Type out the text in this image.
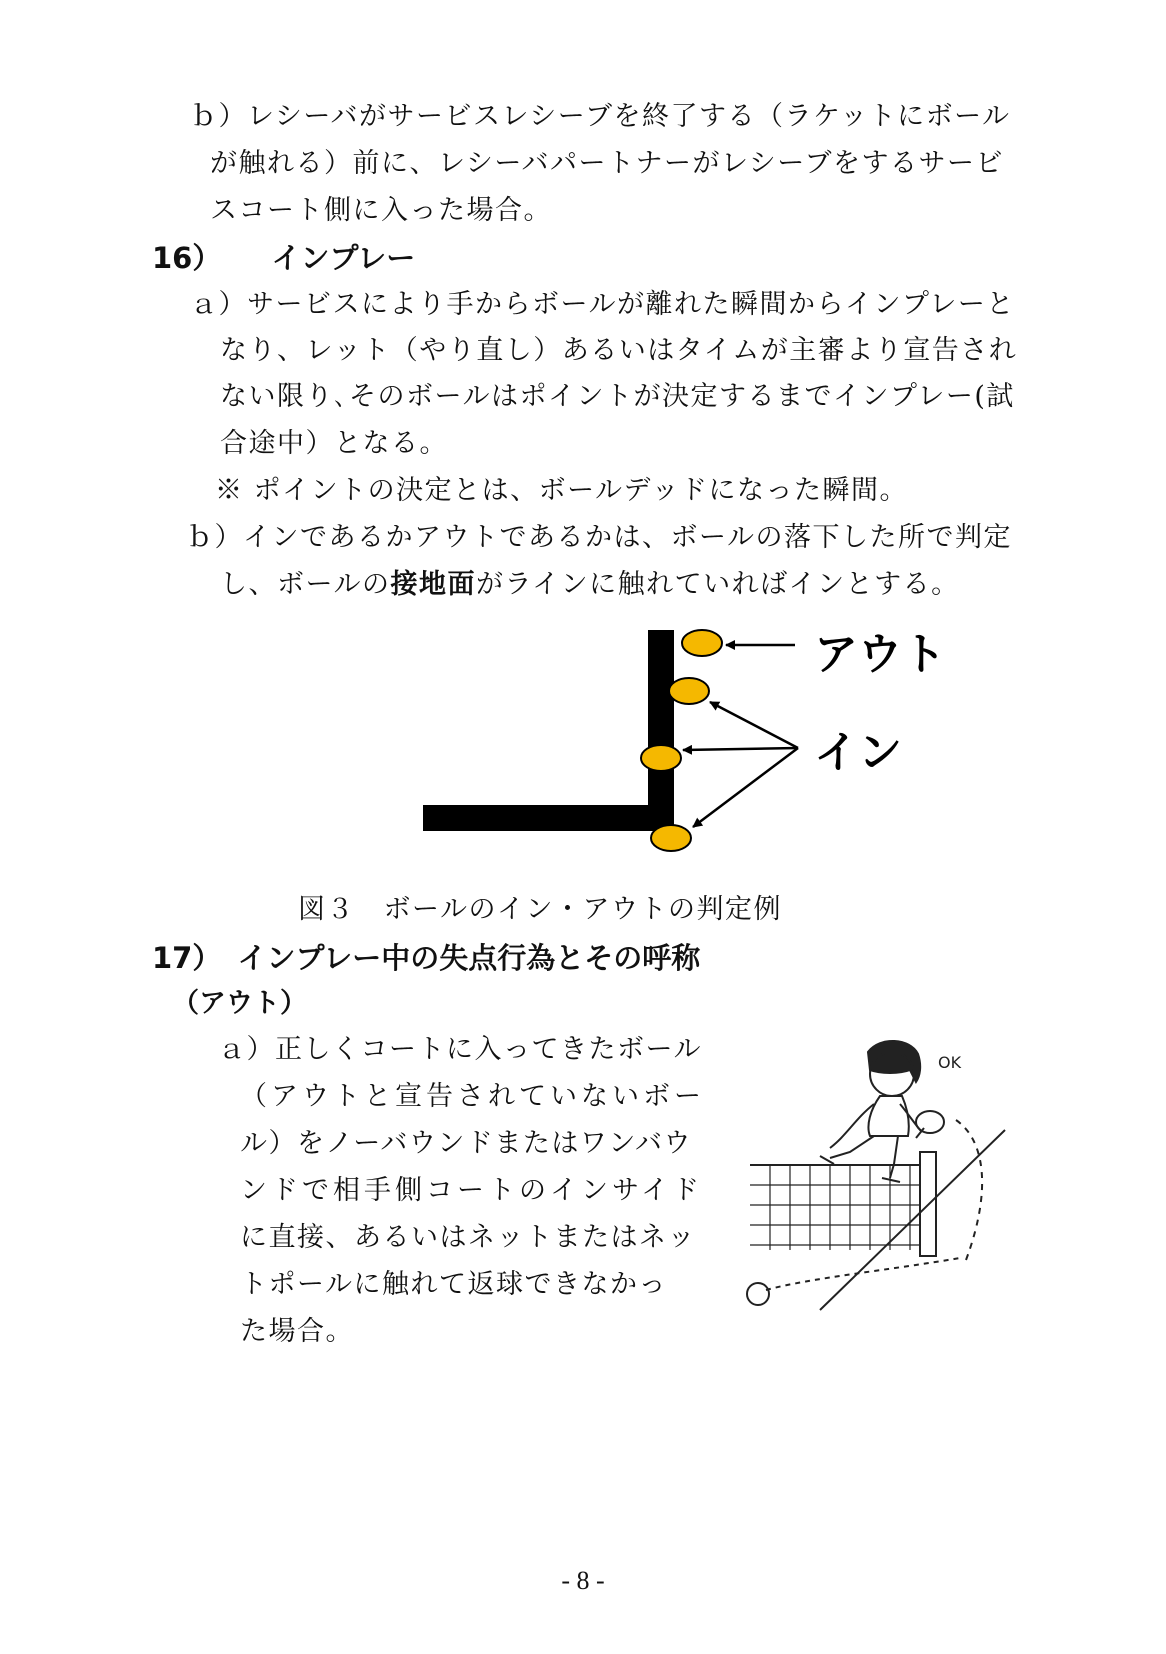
ｂ）レシーバがサービスレシーブを終了する（ラケットにボール
が触れる）前に、レシーバパートナーがレシーブをするサービ
スコート側に入った場合。
16） インプレー
ａ）サービスにより手からボールが離れた瞬間からインプレーと
なり、レット（やり直し）あるいはタイムが主審より宣告され
ない限り､そのボールはポイントが決定するまでインプレー(試
合途中）となる。
※ ポイントの決定とは、ボールデッドになった瞬間。
ｂ）インであるかアウトであるかは、ボールの落下した所で判定
し、ボールの接地面がラインに触れていればインとする。
アウト
イン
図３　ボールのイン・アウトの判定例
17） インプレー中の失点行為とその呼称
（アウト）
ａ）正しくコートに入ってきたボール
（アウトと宣告されていないボー
ル）をノーバウンドまたはワンバウ
ンドで相手側コートのインサイド
に直接、あるいはネットまたはネッ
トポールに触れて返球できなかっ
た場合。
OK
- 8 -
